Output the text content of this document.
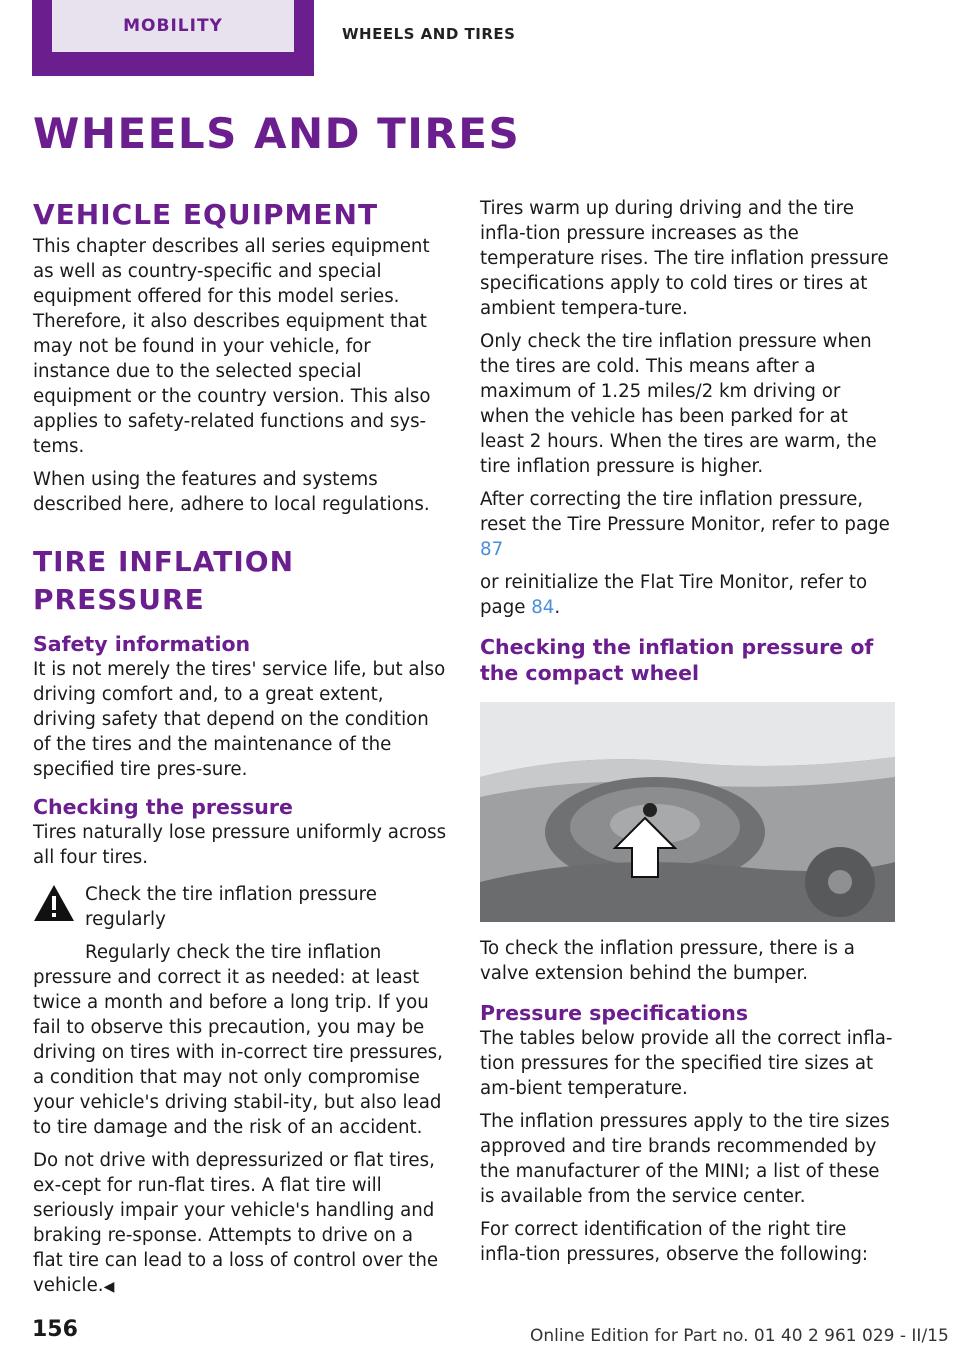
MOBILITY	WHEELS AND TIRES
WHEELS AND TIRES
VEHICLE EQUIPMENT

This chapter describes all series equipment as well as country-specific and special equipment offered for this model series. Therefore, it also describes equipment that may not be found in your vehicle, for instance due to the selected special equipment or the country version. This also applies to safety-related functions and sys‐tems.

When using the features and systems described here, adhere to local regulations.

TIRE INFLATION PRESSURE
Safety information

It is not merely the tires' service life, but also driving comfort and, to a great extent, driving safety that depend on the condition of the tires and the maintenance of the specified tire pres‐sure.

Checking the pressure

Tires naturally lose pressure uniformly across all four tires.

Check the tire inflation pressure regularly

Regularly check the tire inflation pressure and correct it as needed: at least twice a month and before a long trip. If you fail to observe this precaution, you may be driving on tires with in‐correct tire pressures, a condition that may not only compromise your vehicle's driving stabil‐ity, but also lead to tire damage and the risk of an accident.

Do not drive with depressurized or flat tires, ex‐cept for run-flat tires. A flat tire will seriously impair your vehicle's handling and braking re‐sponse. Attempts to drive on a flat tire can lead to a loss of control over the vehicle.◀

Tires warm up during driving and the tire infla‐tion pressure increases as the temperature rises. The tire inflation pressure specifications apply to cold tires or tires at ambient tempera‐ture.

Only check the tire inflation pressure when the tires are cold. This means after a maximum of 1.25 miles/2 km driving or when the vehicle has been parked for at least 2 hours. When the tires are warm, the tire inflation pressure is higher.

After correcting the tire inflation pressure, reset the Tire Pressure Monitor, refer to page 87

or reinitialize the Flat Tire Monitor, refer to page 84.

Checking the inflation pressure of the compact wheel

To check the inflation pressure, there is a valve extension behind the bumper.

Pressure specifications

The tables below provide all the correct infla‐tion pressures for the specified tire sizes at am‐bient temperature.

The inflation pressures apply to the tire sizes approved and tire brands recommended by the manufacturer of the MINI; a list of these is available from the service center.

For correct identification of the right tire infla‐tion pressures, observe the following:

156	Online Edition for Part no. 01 40 2 961 029 - II/15
